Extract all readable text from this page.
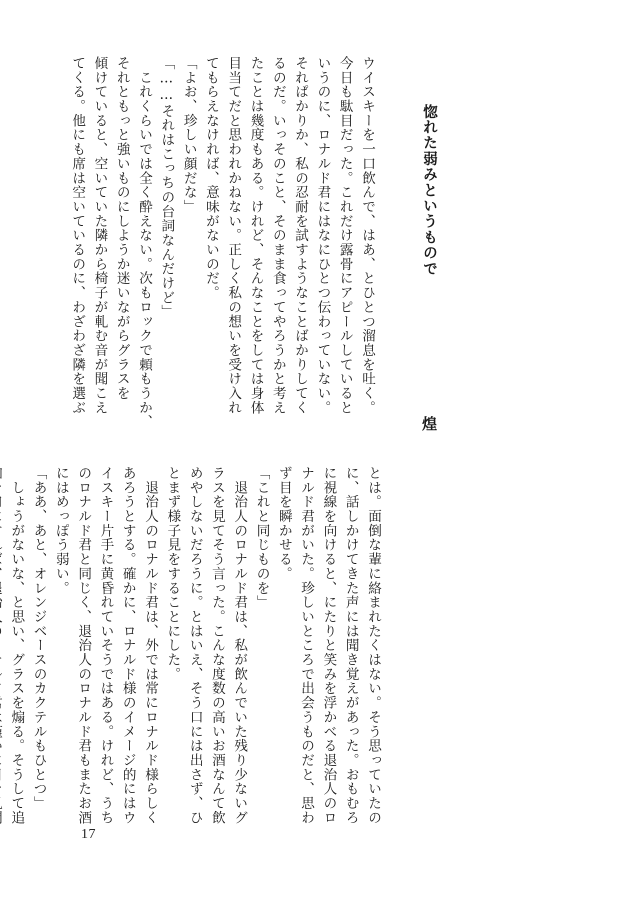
惚れた弱みというもので
煌
ウイスキーを一口飲んで、はあ、とひとつ溜息を吐く。
今日も駄目だった。これだけ露骨にアピールしていると
いうのに、ロナルド君にはなにひとつ伝わっていない。
それぱかりか、私の忍耐を試すようなことばかりしてく
るのだ。いっそのこと、そのまま食ってやろうかと考え
たことは幾度もある。けれど、そんなことをしては身体
目当てだと思われかねない。正しく私の想いを受け入れ
てもらえなければ、意味がないのだ。
「よお、珍しい顔だな」
「……それはこっちの台詞なんだけど」
　これくらいでは全く酔えない。次もロックで頼もうか、
それともっと強いものにしようか迷いながらグラスを
傾けていると、空いていた隣から椅子が軋む音が聞こえ
てくる。他にも席は空いているのに、わざわざ隣を選ぶ
とは。面倒な輩に絡まれたくはない。そう思っていたの
に、話しかけてきた声には聞き覚えがあった。おもむろ
に視線を向けると、にたりと笑みを浮かべる退治人のロ
ナルド君がいた。珍しいところで出会うものだと、思わ
ず目を瞬かせる。
「これと同じものを」
　退治人のロナルド君は、私が飲んでいた残り少ないグ
ラスを見てそう言った。こんな度数の高いお酒なんて飲
めやしないだろうに。とはいえ、そう口には出さず、ひ
とまず様子見をすることにした。
　退治人のロナルド君は、外では常にロナルド様らしく
あろうとする。確かに、ロナルド様のイメージ的にはウ
イスキー片手に黄昏れていそうではある。けれど、うち
のロナルド君と同じく、退治人のロナルド君もまたお酒
にはめっぽう弱い。
「ああ、あと、オレンジベースのカクテルもひとつ」
　しょうがないな、と思い、グラスを煽る。そうして追
17
